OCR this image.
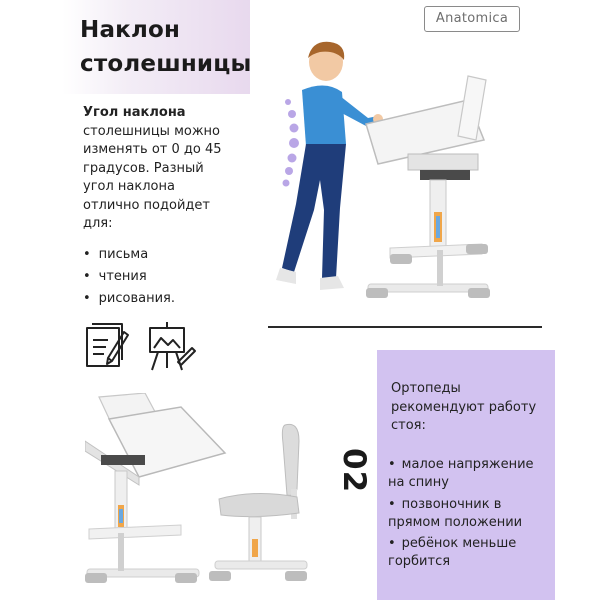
Наклон
столешницы
Anatomica
Угол наклона столешницы можно изменять от 0 до 45 градусов. Разный угол наклона отлично подойдет для:
• письма
• чтения
• рисования.
02
Ортопеды рекомендуют работу стоя:
• малое напряжение на спину
• позвоночник в прямом положении
• ребёнок меньше горбится
